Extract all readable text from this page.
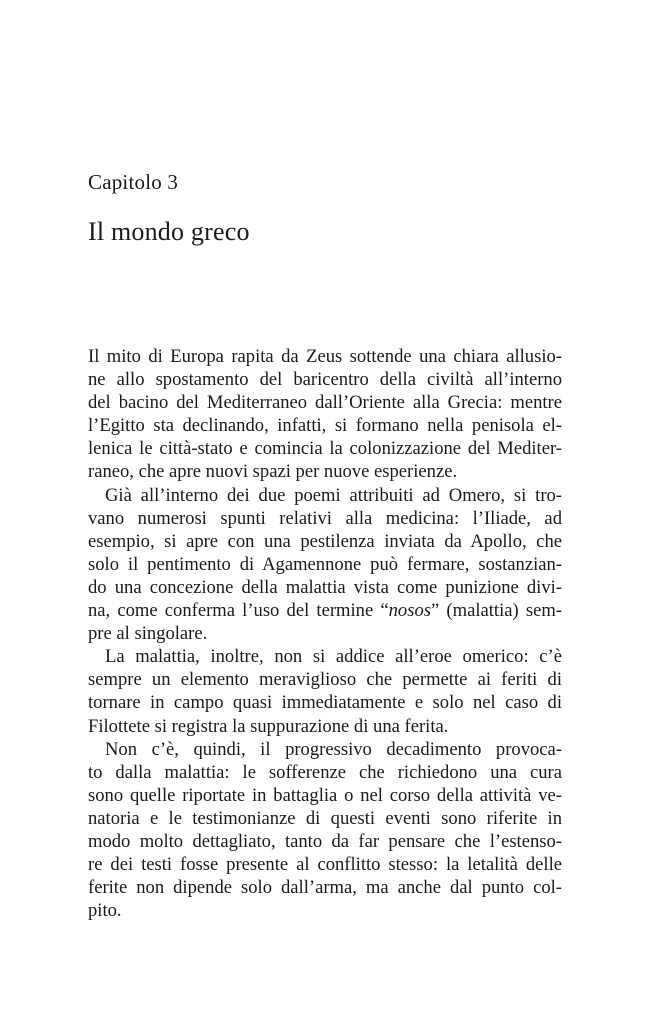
Capitolo 3
Il mondo greco
Il mito di Europa rapita da Zeus sottende una chiara allusio-
ne allo spostamento del baricentro della civiltà all’interno
del bacino del Mediterraneo dall’Oriente alla Grecia: mentre
l’Egitto sta declinando, infatti, si formano nella penisola el-
lenica le città-stato e comincia la colonizzazione del Mediter-
raneo, che apre nuovi spazi per nuove esperienze.
Già all’interno dei due poemi attribuiti ad Omero, si tro-
vano numerosi spunti relativi alla medicina: l’Iliade, ad
esempio, si apre con una pestilenza inviata da Apollo, che
solo il pentimento di Agamennone può fermare, sostanzian-
do una concezione della malattia vista come punizione divi-
na, come conferma l’uso del termine “nosos” (malattia) sem-
pre al singolare.
La malattia, inoltre, non si addice all’eroe omerico: c’è
sempre un elemento meraviglioso che permette ai feriti di
tornare in campo quasi immediatamente e solo nel caso di
Filottete si registra la suppurazione di una ferita.
Non c’è, quindi, il progressivo decadimento provoca-
to dalla malattia: le sofferenze che richiedono una cura
sono quelle riportate in battaglia o nel corso della attività ve-
natoria e le testimonianze di questi eventi sono riferite in
modo molto dettagliato, tanto da far pensare che l’estenso-
re dei testi fosse presente al conflitto stesso: la letalità delle
ferite non dipende solo dall’arma, ma anche dal punto col-
pito.
